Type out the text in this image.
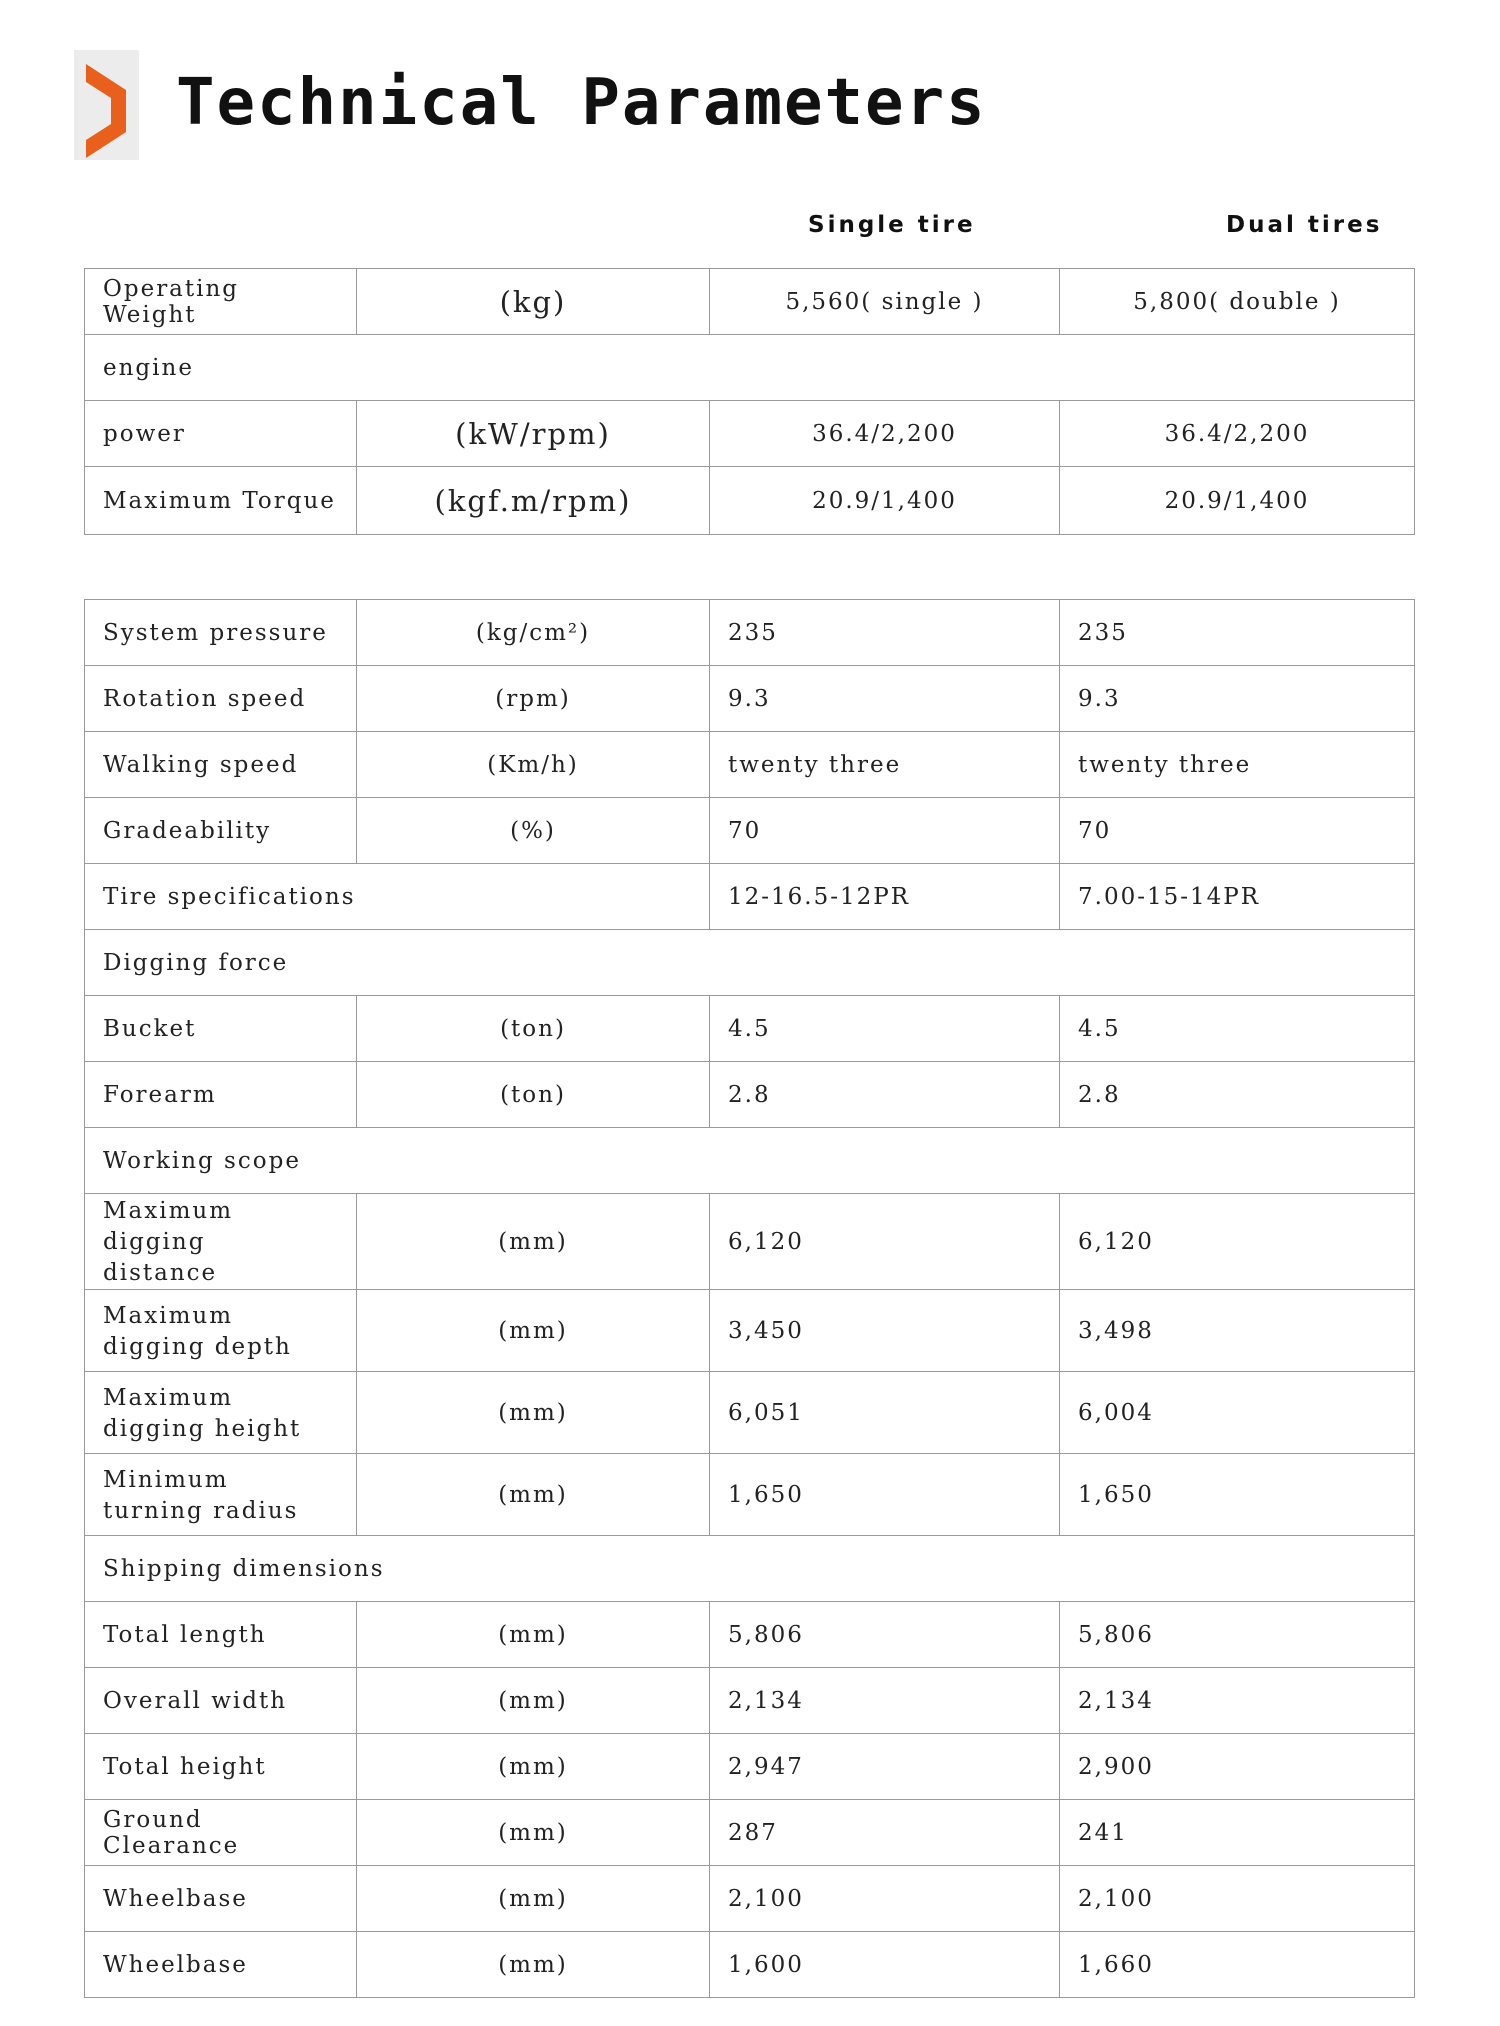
Technical Parameters
Single tire	Dual tires
Operating Weight	(kg)	5,560( single )	5,800( double )
engine			
power	(kW/rpm)	36.4/2,200	36.4/2,200
Maximum Torque	(kgf.m/rpm)	20.9/1,400	20.9/1,400
System pressure	(kg/cm²)	235	235
Rotation speed	(rpm)	9.3	9.3
Walking speed	(Km/h)	twenty three	twenty three
Gradeability	(%)	70	70
Tire specifications		12-16.5-12PR	7.00-15-14PR
Digging force			
Bucket	(ton)	4.5	4.5
Forearm	(ton)	2.8	2.8
Working scope			

Maximum digging distance	(mm)	6,120	6,120

Maximum digging depth	(mm)	3,450	3,498

Maximum digging height	(mm)	6,051	6,004

Minimum turning radius	(mm)	1,650	1,650
Shipping dimensions			
Total length	(mm)	5,806	5,806
Overall width	(mm)	2,134	2,134
Total height	(mm)	2,947	2,900
Ground Clearance	(mm)	287	241
Wheelbase	(mm)	2,100	2,100
Wheelbase	(mm)	1,600	1,660
